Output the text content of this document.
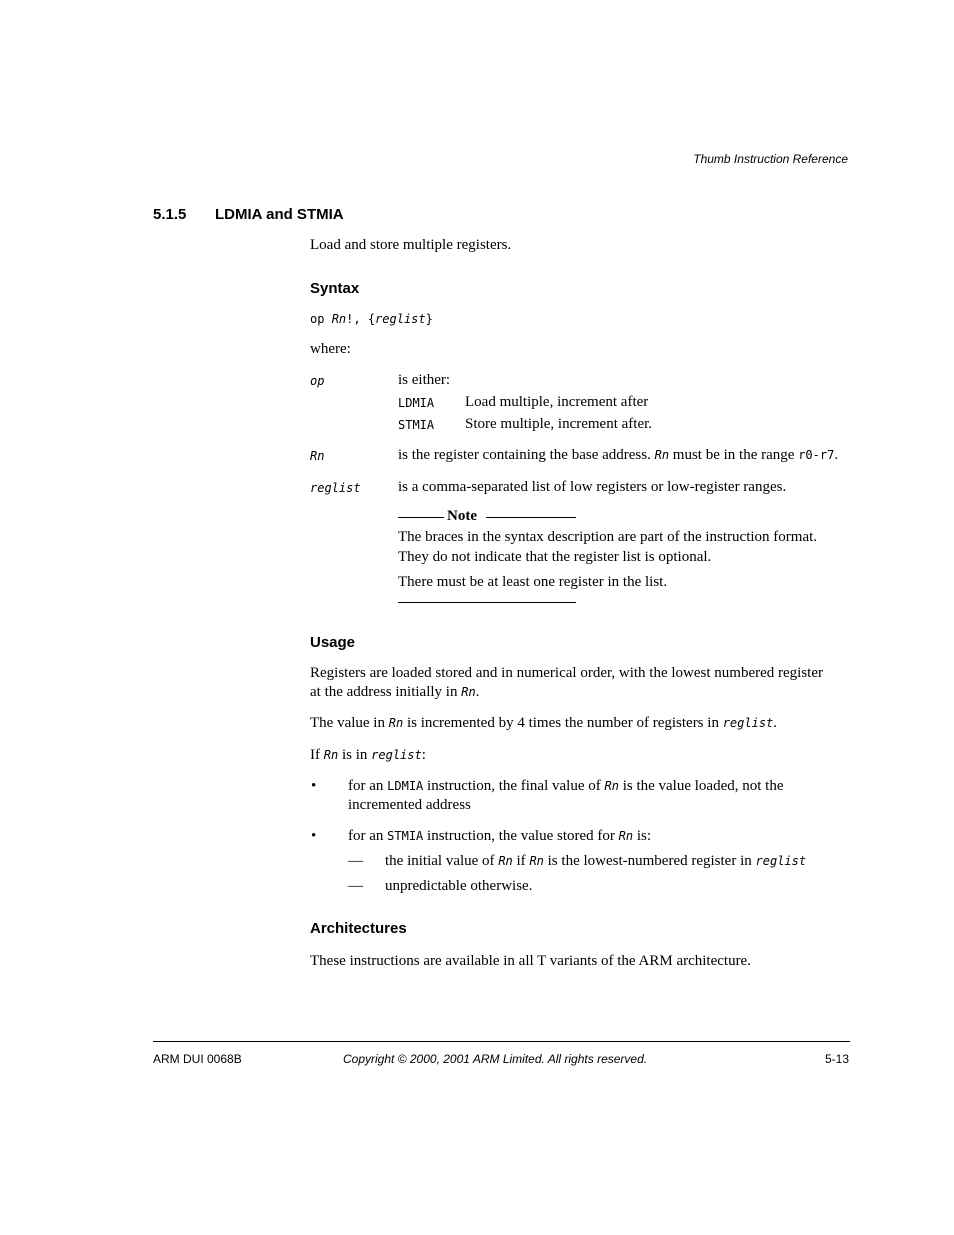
Thumb Instruction Reference
5.1.5 LDMIA and STMIA
Load and store multiple registers.
Syntax
op Rn!, {reglist}
where:
op	is either:
LDMIA Load multiple, increment after
STMIA Store multiple, increment after.
Rn	is the register containing the base address. Rn must be in the range r0-r7.
reglist is a comma-separated list of low registers or low-register ranges.
Note
The braces in the syntax description are part of the instruction format.
They do not indicate that the register list is optional.
There must be at least one register in the list.
Usage
Registers are loaded stored and in numerical order, with the lowest numbered register
at the address initially in Rn.
The value in Rn is incremented by 4 times the number of registers in reglist.
If Rn is in reglist:
• for an LDMIA instruction, the final value of Rn is the value loaded, not the
incremented address
• for an STMIA instruction, the value stored for Rn is:
— the initial value of Rn if Rn is the lowest-numbered register in reglist
— unpredictable otherwise.
Architectures
These instructions are available in all T variants of the ARM architecture.
ARM DUI 0068B	Copyright © 2000, 2001 ARM Limited. All rights reserved.	5-13
